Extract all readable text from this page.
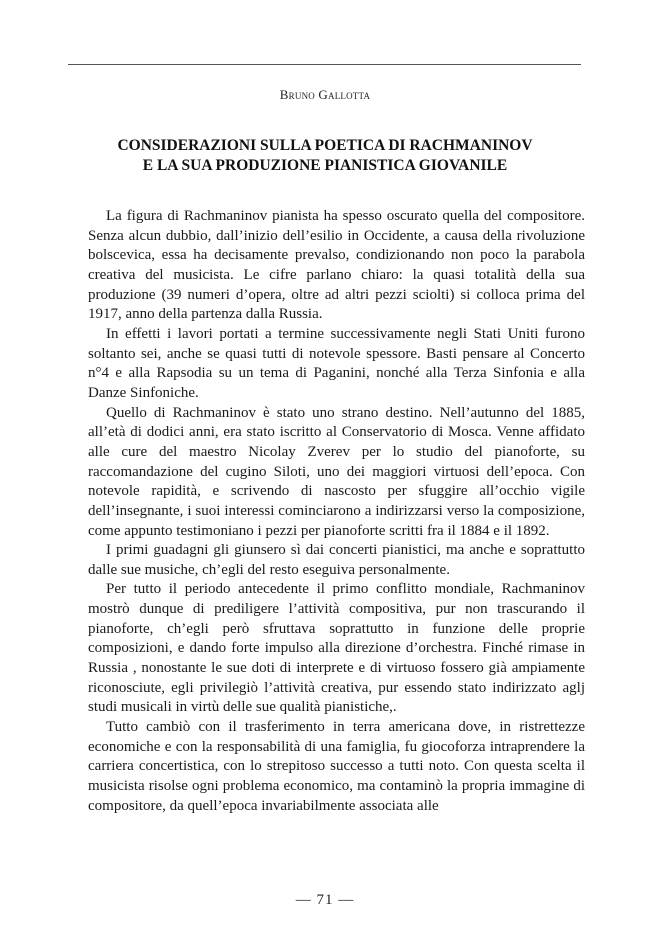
Bruno Gallotta
CONSIDERAZIONI SULLA POETICA DI RACHMANINOV
E LA SUA PRODUZIONE PIANISTICA GIOVANILE

La figura di Rachmaninov pianista ha spesso oscurato quella del compositore. Senza alcun dubbio, dall’inizio dell’esilio in Occidente, a causa della rivoluzione bolscevica, essa ha decisamente prevalso, condizionando non poco la parabola creativa del musicista. Le cifre parlano chiaro: la quasi totalità della sua produzione (39 numeri d’opera, oltre ad altri pezzi sciolti) si colloca prima del 1917, anno della partenza dalla Russia.

In effetti i lavori portati a termine successivamente negli Stati Uniti furono soltanto sei, anche se quasi tutti di notevole spessore. Basti pensare al Concerto n°4 e alla Rapsodia su un tema di Paganini, nonché alla Terza Sinfonia e alla Danze Sinfoniche.

Quello di Rachmaninov è stato uno strano destino. Nell’autunno del 1885, all’età di dodici anni, era stato iscritto al Conservatorio di Mosca. Venne affidato alle cure del maestro Nicolay Zverev per lo studio del pianoforte, su raccomandazione del cugino Siloti, uno dei maggiori virtuosi dell’epoca. Con notevole rapidità, e scrivendo di nascosto per sfuggire all’occhio vigile dell’insegnante, i suoi interessi cominciarono a indirizzarsi verso la composizione, come appunto testimoniano i pezzi per pianoforte scritti fra il 1884 e il 1892.

I primi guadagni gli giunsero sì dai concerti pianistici, ma anche e soprattutto dalle sue musiche, ch’egli del resto eseguiva personalmente.

Per tutto il periodo antecedente il primo conflitto mondiale, Rachmaninov mostrò dunque di prediligere l’attività compositiva, pur non trascurando il pianoforte, ch’egli però sfruttava soprattutto in funzione delle proprie composizioni, e dando forte impulso alla direzione d’orchestra. Finché rimase in Russia , nonostante le sue doti di interprete e di virtuoso fossero già ampiamente riconosciute, egli privilegiò l’attività creativa, pur essendo stato indirizzato aglj studi musicali in virtù delle sue qualità pianistiche,.

Tutto cambiò con il trasferimento in terra americana dove, in ristrettezze economiche e con la responsabilità di una famiglia, fu giocoforza intraprendere la carriera concertistica, con lo strepitoso successo a tutti noto. Con questa scelta il musicista risolse ogni problema economico, ma contaminò la propria immagine di compositore, da quell’epoca invariabilmente associata alle

— 71 —
